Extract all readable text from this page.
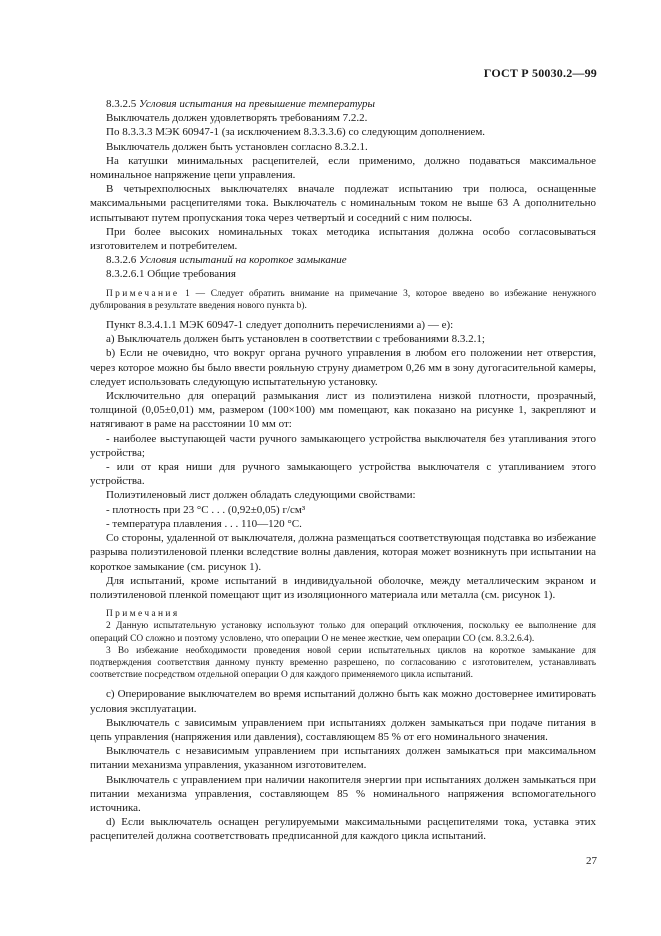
ГОСТ Р 50030.2—99

8.3.2.5 Условия испытания на превышение температуры

Выключатель должен удовлетворять требованиям 7.2.2.

По 8.3.3.3 МЭК 60947-1 (за исключением 8.3.3.3.6) со следующим дополнением.

Выключатель должен быть установлен согласно 8.3.2.1.

На катушки минимальных расцепителей, если применимо, должно подаваться максимальное номинальное напряжение цепи управления.

В четырехполюсных выключателях вначале подлежат испытанию три полюса, оснащенные максимальными расцепителями тока. Выключатель с номинальным током не выше 63 А дополнительно испытывают путем пропускания тока через четвертый и соседний с ним полюсы.

При более высоких номинальных токах методика испытания должна особо согласовываться изготовителем и потребителем.

8.3.2.6 Условия испытаний на короткое замыкание

8.3.2.6.1 Общие требования

Примечание 1 — Следует обратить внимание на примечание 3, которое введено во избежание ненужного дублирования в результате введения нового пункта b).

Пункт 8.3.4.1.1 МЭК 60947-1 следует дополнить перечислениями а) — е):

а) Выключатель должен быть установлен в соответствии с требованиями 8.3.2.1;

b) Если не очевидно, что вокруг органа ручного управления в любом его положении нет отверстия, через которое можно бы было ввести рояльную струну диаметром 0,26 мм в зону дугогасительной камеры, следует использовать следующую испытательную установку.

Исключительно для операций размыкания лист из полиэтилена низкой плотности, прозрачный, толщиной (0,05±0,01) мм, размером (100×100) мм помещают, как показано на рисунке 1, закрепляют и натягивают в раме на расстоянии 10 мм от:

- наиболее выступающей части ручного замыкающего устройства выключателя без утапливания этого устройства;

- или от края ниши для ручного замыкающего устройства выключателя с утапливанием этого устройства.

Полиэтиленовый лист должен обладать следующими свойствами:

- плотность при 23 °С . . . (0,92±0,05) г/см³

- температура плавления . . . 110—120 °С.

Со стороны, удаленной от выключателя, должна размещаться соответствующая подставка во избежание разрыва полиэтиленовой пленки вследствие волны давления, которая может возникнуть при испытании на короткое замыкание (см. рисунок 1).

Для испытаний, кроме испытаний в индивидуальной оболочке, между металлическим экраном и полиэтиленовой пленкой помещают щит из изоляционного материала или металла (см. рисунок 1).

Примечания

2 Данную испытательную установку используют только для операций отключения, поскольку ее выполнение для операций СО сложно и поэтому условлено, что операции О не менее жесткие, чем операции СО (см. 8.3.2.6.4).

3 Во избежание необходимости проведения новой серии испытательных циклов на короткое замыкание для подтверждения соответствия данному пункту временно разрешено, по согласованию с изготовителем, устанавливать соответствие посредством отдельной операции О для каждого применяемого цикла испытаний.

с) Оперирование выключателем во время испытаний должно быть как можно достовернее имитировать условия эксплуатации.

Выключатель с зависимым управлением при испытаниях должен замыкаться при подаче питания в цепь управления (напряжения или давления), составляющем 85 % от его номинального значения.

Выключатель с независимым управлением при испытаниях должен замыкаться при максимальном питании механизма управления, указанном изготовителем.

Выключатель с управлением при наличии накопителя энергии при испытаниях должен замыкаться при питании механизма управления, составляющем 85 % номинального напряжения вспомогательного источника.

d) Если выключатель оснащен регулируемыми максимальными расцепителями тока, уставка этих расцепителей должна соответствовать предписанной для каждого цикла испытаний.

27
